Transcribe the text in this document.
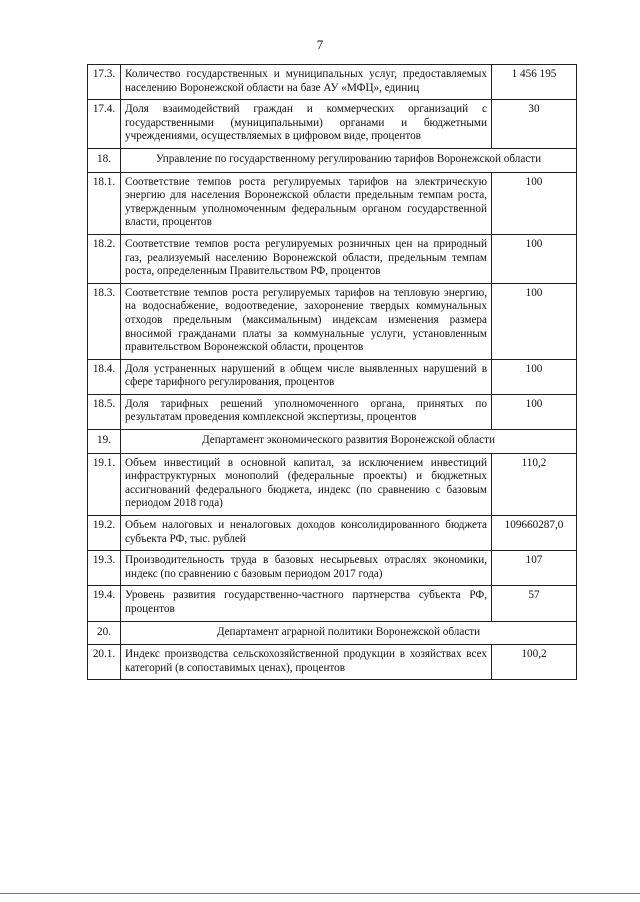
7
17.3.	Количество государственных и муниципальных услуг, предоставляемых населению Воронежской области на базе АУ «МФЦ», единиц	1 456 195
17.4.	Доля взаимодействий граждан и коммерческих организаций с государственными (муниципальными) органами и бюджетными учреждениями, осуществляемых в цифровом виде, процентов	30
18.	Управление по государственному регулированию тарифов Воронежской области	
18.1.	Соответствие темпов роста регулируемых тарифов на электрическую энергию для населения Воронежской области предельным темпам роста, утвержденным уполномоченным федеральным органом государственной власти, процентов	100
18.2.	Соответствие темпов роста регулируемых розничных цен на природный газ, реализуемый населению Воронежской области, предельным темпам роста, определенным Правительством РФ, процентов	100
18.3.	Соответствие темпов роста регулируемых тарифов на тепловую энергию, на водоснабжение, водоотведение, захоронение твердых коммунальных отходов предельным (максимальным) индексам изменения размера вносимой гражданами платы за коммунальные услуги, установленным правительством Воронежской области, процентов	100
18.4.	Доля устраненных нарушений в общем числе выявленных нарушений в сфере тарифного регулирования, процентов	100
18.5.	Доля тарифных решений уполномоченного органа, принятых по результатам проведения комплексной экспертизы, процентов	100
19.	Департамент экономического развития Воронежской области	
19.1.	Объем инвестиций в основной капитал, за исключением инвестиций инфраструктурных монополий (федеральные проекты) и бюджетных ассигнований федерального бюджета, индекс (по сравнению с базовым периодом 2018 года)	110,2
19.2.	Объем налоговых и неналоговых доходов консолидированного бюджета субъекта РФ, тыс. рублей	109660287,0
19.3.	Производительность труда в базовых несырьевых отраслях экономики, индекс (по сравнению с базовым периодом 2017 года)	107
19.4.	Уровень развития государственно-частного партнерства субъекта РФ, процентов	57
20.	Департамент аграрной политики Воронежской области	
20.1.	Индекс производства сельскохозяйственной продукции в хозяйствах всех категорий (в сопоставимых ценах), процентов	100,2
